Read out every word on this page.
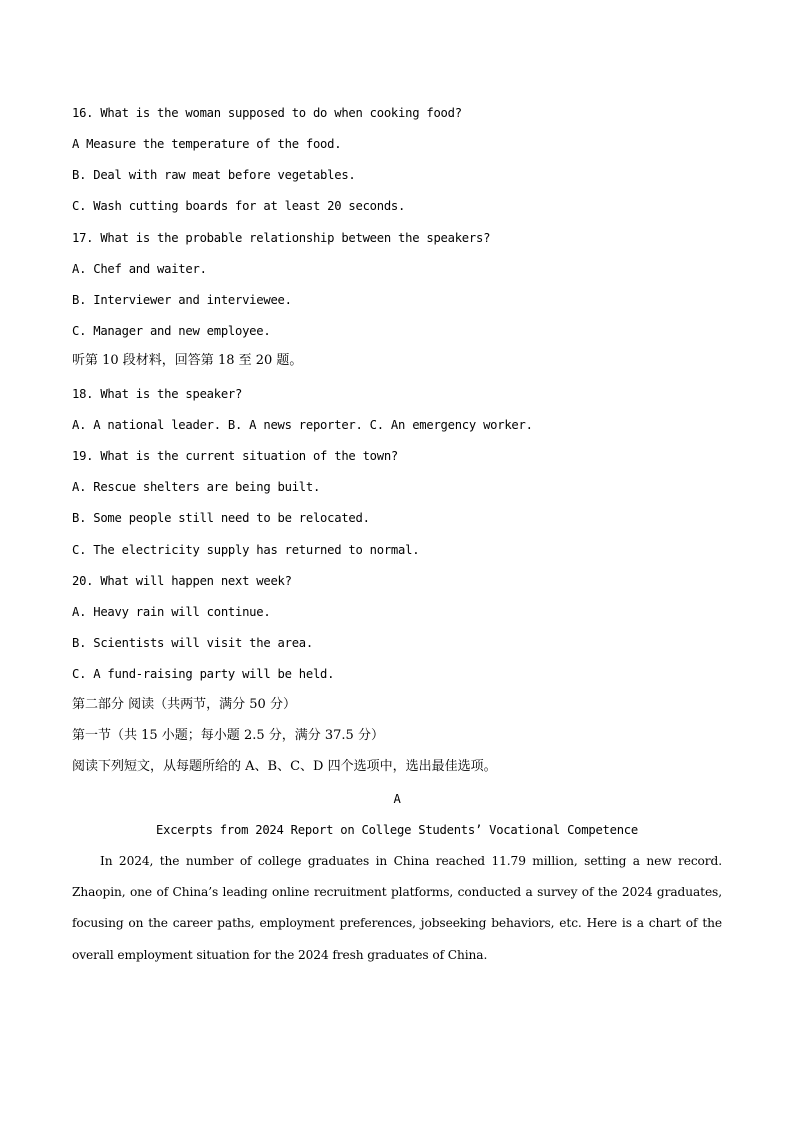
16. What is the woman supposed to do when cooking food?
A Measure the temperature of the food.
B. Deal with raw meat before vegetables.
C. Wash cutting boards for at least 20 seconds.
17. What is the probable relationship between the speakers?
A. Chef and waiter.
B. Interviewer and interviewee.
C. Manager and new employee.
听第 10 段材料，回答第 18 至 20 题。
18. What is the speaker?
A. A national leader. B. A news reporter. C. An emergency worker.
19. What is the current situation of the town?
A. Rescue shelters are being built.
B. Some people still need to be relocated.
C. The electricity supply has returned to normal.
20. What will happen next week?
A. Heavy rain will continue.
B. Scientists will visit the area.
C. A fund-raising party will be held.
第二部分 阅读（共两节，满分 50 分）
第一节（共 15 小题；每小题 2.5 分，满分 37.5 分）
阅读下列短文，从每题所给的 A、B、C、D 四个选项中，选出最佳选项。
A
Excerpts from 2024 Report on College Students’ Vocational Competence
In 2024, the number of college graduates in China reached 11.79 million, setting a new record. Zhaopin, one of China’s leading online recruitment platforms, conducted a survey of the 2024 graduates, focusing on the career paths, employment preferences, jobseeking behaviors, etc. Here is a chart of the overall employment situation for the 2024 fresh graduates of China.
